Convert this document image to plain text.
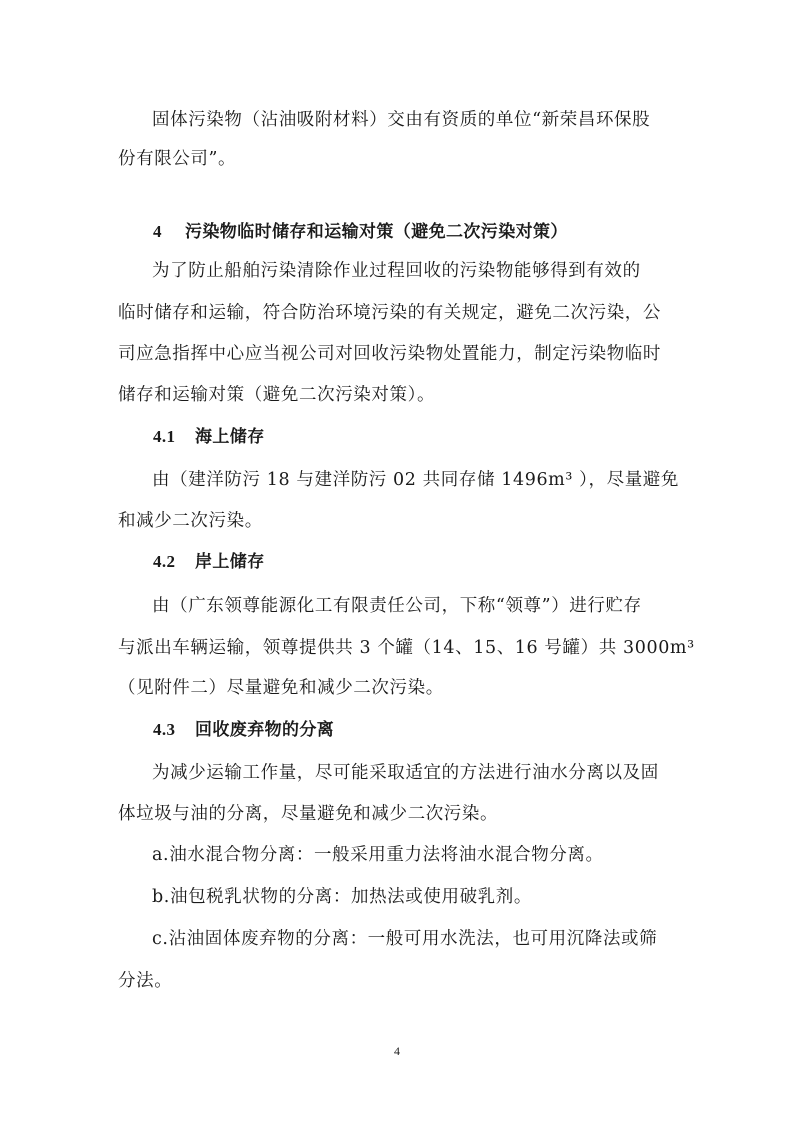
固体污染物（沾油吸附材料）交由有资质的单位“新荣昌环保股
份有限公司”。
4 污染物临时储存和运输对策（避免二次污染对策）
为了防止船舶污染清除作业过程回收的污染物能够得到有效的
临时储存和运输，符合防治环境污染的有关规定，避免二次污染，公
司应急指挥中心应当视公司对回收污染物处置能力，制定污染物临时
储存和运输对策（避免二次污染对策）。
4.1 海上储存
由（建洋防污 18 与建洋防污 02 共同存储 1496m³ ），尽量避免
和减少二次污染。
4.2 岸上储存
由（广东领尊能源化工有限责任公司，下称“领尊”）进行贮存
与派出车辆运输，领尊提供共 3 个罐（14、15、16 号罐）共 3000m³
（见附件二）尽量避免和减少二次污染。
4.3 回收废弃物的分离
为减少运输工作量，尽可能采取适宜的方法进行油水分离以及固
体垃圾与油的分离，尽量避免和减少二次污染。
a.油水混合物分离：一般采用重力法将油水混合物分离。
b.油包税乳状物的分离：加热法或使用破乳剂。
c.沾油固体废弃物的分离：一般可用水洗法，也可用沉降法或筛
分法。
4
